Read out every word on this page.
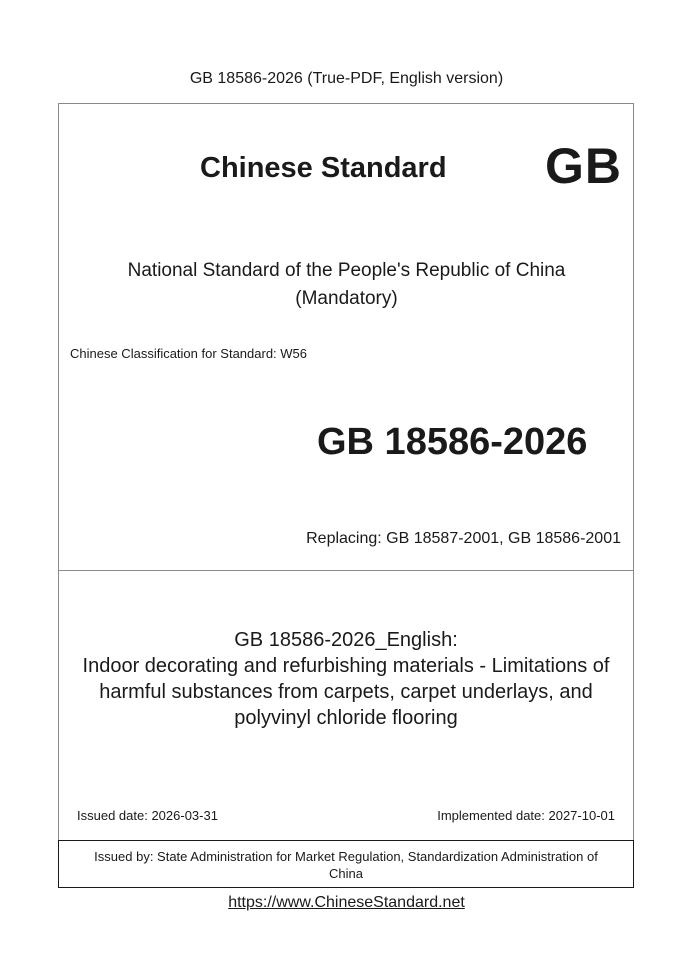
GB 18586-2026 (True-PDF, English version)
Chinese Standard GB
National Standard of the People's Republic of China
(Mandatory)
Chinese Classification for Standard: W56
GB 18586-2026
Replacing: GB 18587-2001, GB 18586-2001
GB 18586-2026_English:
Indoor decorating and refurbishing materials - Limitations of
harmful substances from carpets, carpet underlays, and
polyvinyl chloride flooring
Issued date: 2026-03-31	Implemented date: 2027-10-01
Issued by: State Administration for Market Regulation, Standardization Administration of
China
https://www.ChineseStandard.net
